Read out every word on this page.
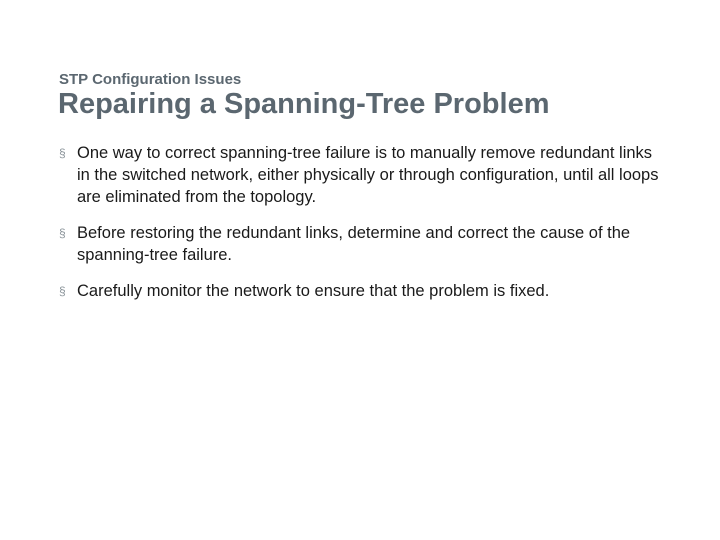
STP Configuration Issues
Repairing a Spanning-Tree Problem
§ One way to correct spanning-tree failure is to manually remove redundant links in the switched network, either physically or through configuration, until all loops are eliminated from the topology.
§ Before restoring the redundant links, determine and correct the cause of the spanning-tree failure.
§ Carefully monitor the network to ensure that the problem is fixed.
